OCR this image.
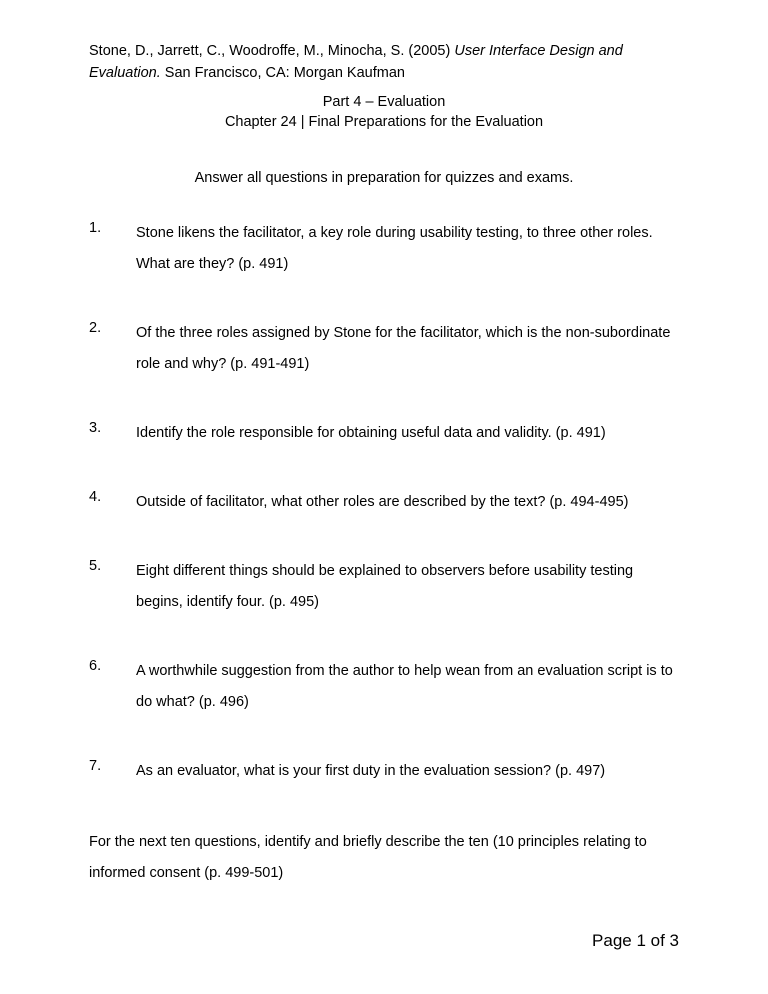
Stone, D., Jarrett, C., Woodroffe, M., Minocha, S. (2005) User Interface Design and Evaluation. San Francisco, CA: Morgan Kaufman
Part 4 – Evaluation
Chapter 24 | Final Preparations for the Evaluation
Answer all questions in preparation for quizzes and exams.
1. Stone likens the facilitator, a key role during usability testing, to three other roles. What are they? (p. 491)
2. Of the three roles assigned by Stone for the facilitator, which is the non-subordinate role and why? (p. 491-491)
3. Identify the role responsible for obtaining useful data and validity. (p. 491)
4. Outside of facilitator, what other roles are described by the text? (p. 494-495)
5. Eight different things should be explained to observers before usability testing begins, identify four. (p. 495)
6. A worthwhile suggestion from the author to help wean from an evaluation script is to do what? (p. 496)
7. As an evaluator, what is your first duty in the evaluation session? (p. 497)
For the next ten questions, identify and briefly describe the ten (10 principles relating to informed consent (p. 499-501)
Page 1 of 3
